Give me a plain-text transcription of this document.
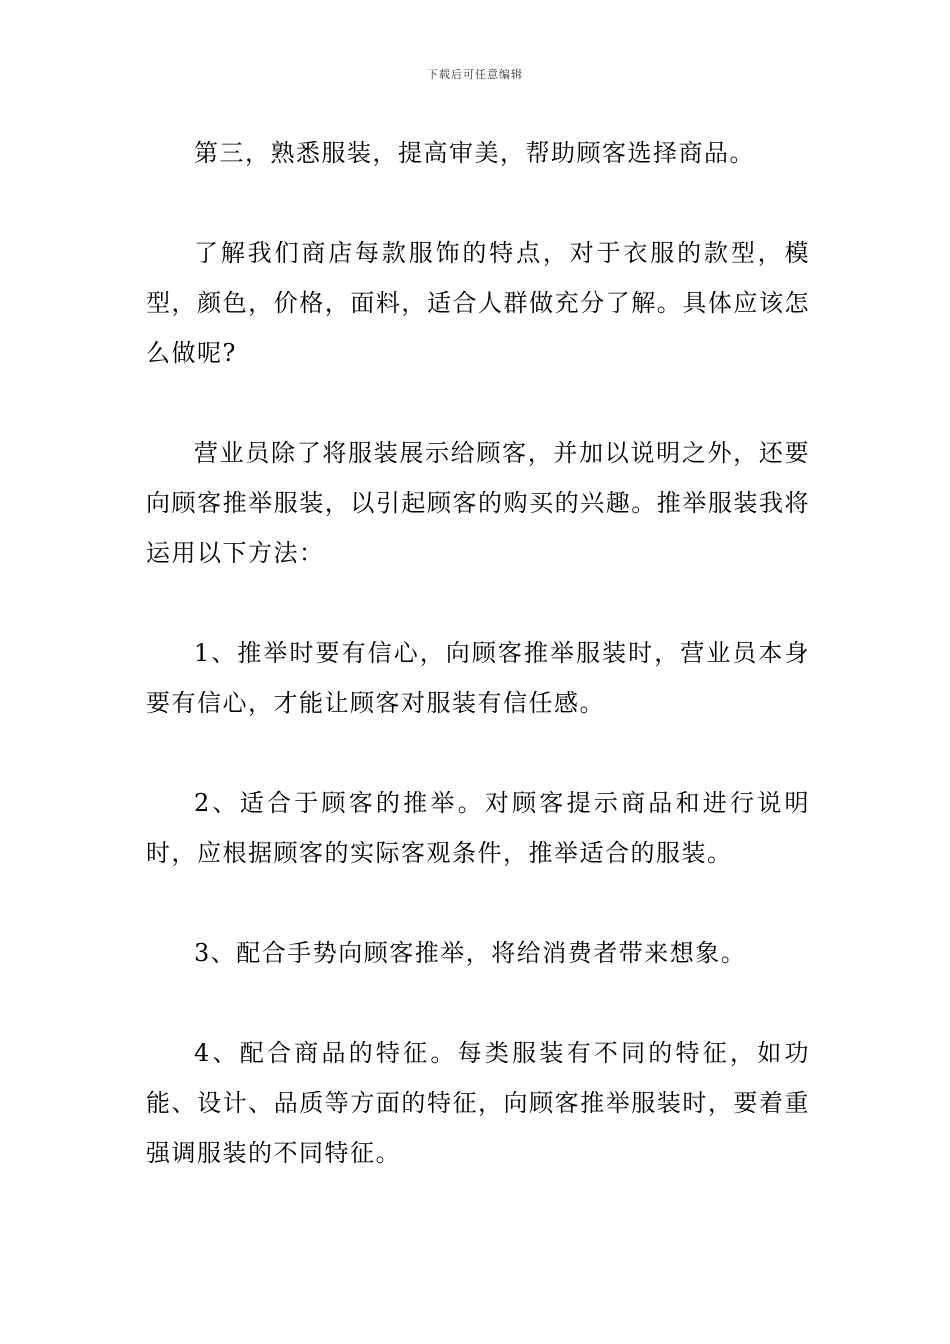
下载后可任意编辑

第三，熟悉服装，提高审美，帮助顾客选择商品。

了解我们商店每款服饰的特点，对于衣服的款型，模型，颜色，价格，面料，适合人群做充分了解。具体应该怎么做呢?

营业员除了将服装展示给顾客，并加以说明之外，还要向顾客推举服装，以引起顾客的购买的兴趣。推举服装我将运用以下方法：

1、推举时要有信心，向顾客推举服装时，营业员本身要有信心，才能让顾客对服装有信任感。

2、适合于顾客的推举。对顾客提示商品和进行说明时，应根据顾客的实际客观条件，推举适合的服装。

3、配合手势向顾客推举，将给消费者带来想象。

4、配合商品的特征。每类服装有不同的特征，如功能、设计、品质等方面的特征，向顾客推举服装时，要着重强调服装的不同特征。
